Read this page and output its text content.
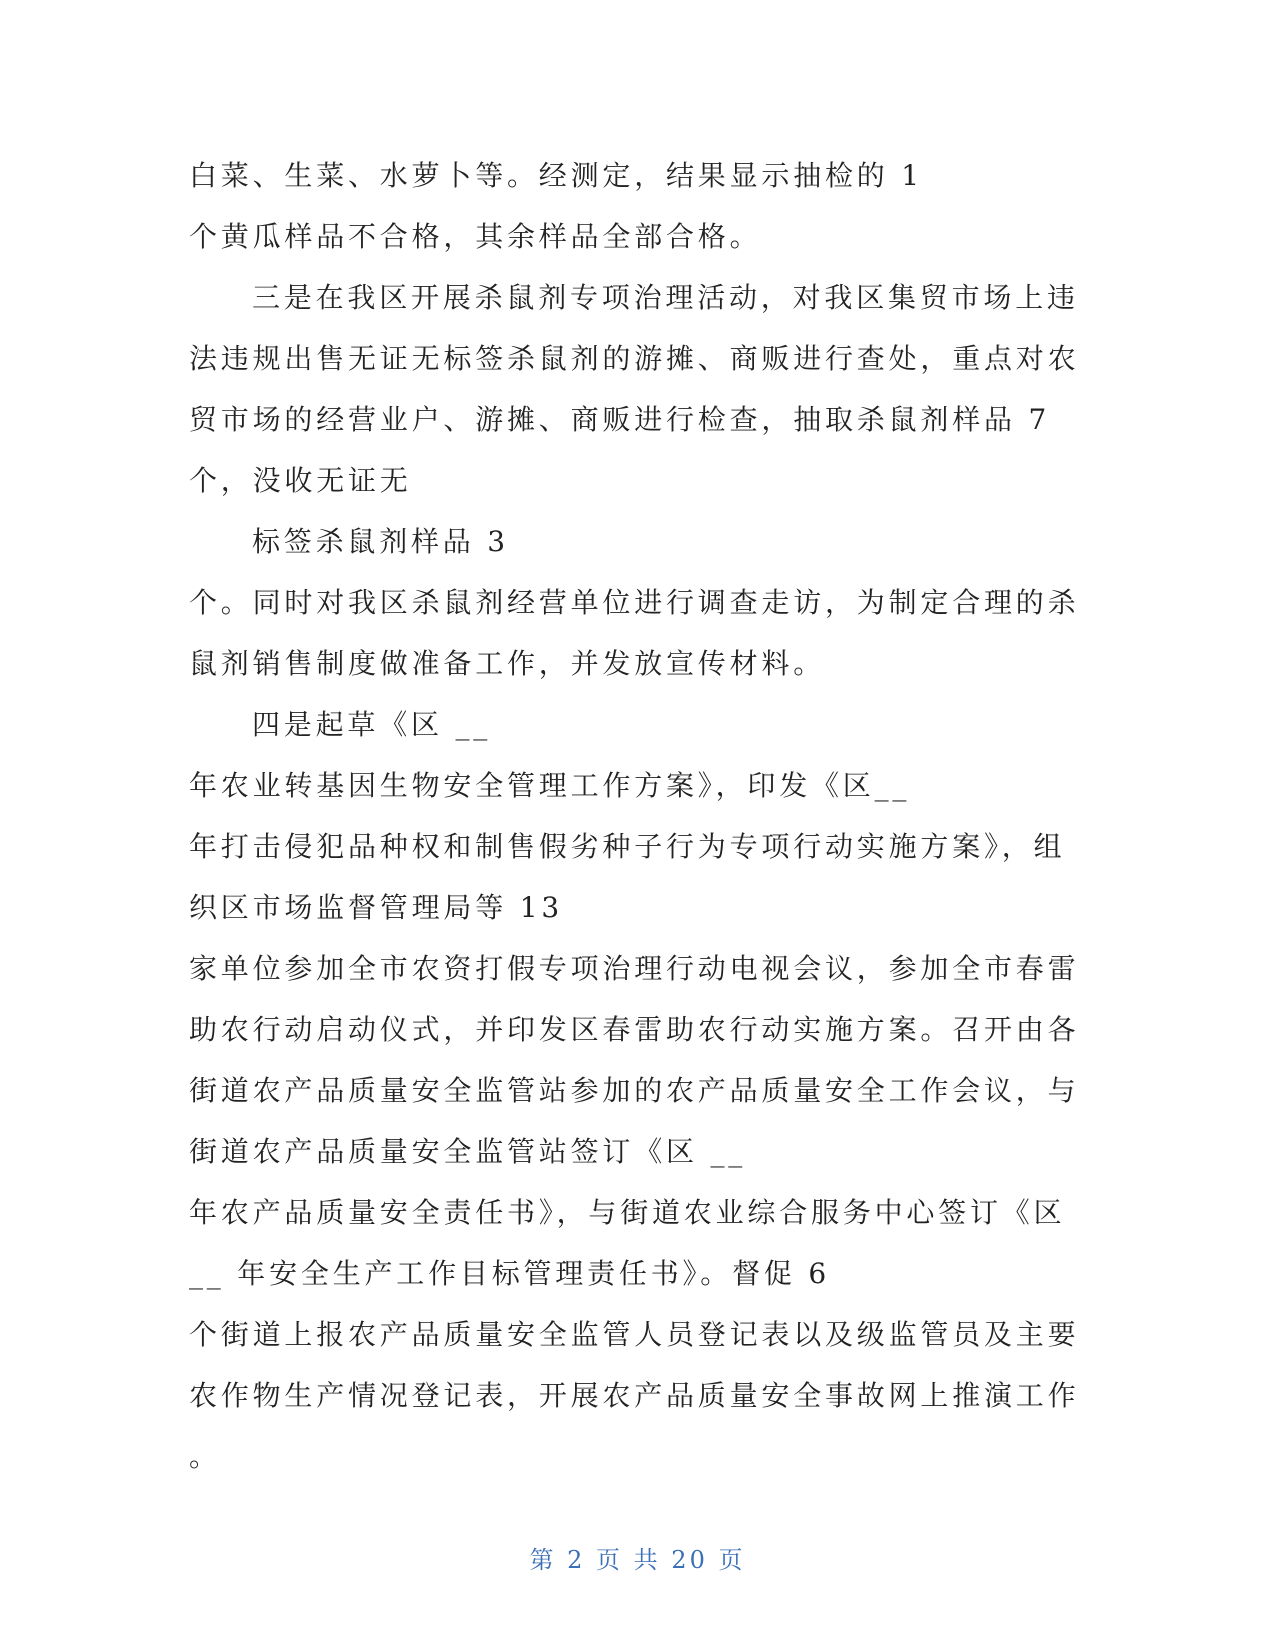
白菜、生菜、水萝卜等。经测定，结果显示抽检的 1
个黄瓜样品不合格，其余样品全部合格。
三是在我区开展杀鼠剂专项治理活动，对我区集贸市场上违
法违规出售无证无标签杀鼠剂的游摊、商贩进行查处，重点对农
贸市场的经营业户、游摊、商贩进行检查，抽取杀鼠剂样品 7
个，没收无证无
标签杀鼠剂样品 3
个。同时对我区杀鼠剂经营单位进行调查走访，为制定合理的杀
鼠剂销售制度做准备工作，并发放宣传材料。
四是起草《区 __
年农业转基因生物安全管理工作方案》，印发《区__
年打击侵犯品种权和制售假劣种子行为专项行动实施方案》，组
织区市场监督管理局等 13
家单位参加全市农资打假专项治理行动电视会议，参加全市春雷
助农行动启动仪式，并印发区春雷助农行动实施方案。召开由各
街道农产品质量安全监管站参加的农产品质量安全工作会议，与
街道农产品质量安全监管站签订《区 __
年农产品质量安全责任书》，与街道农业综合服务中心签订《区
__ 年安全生产工作目标管理责任书》。督促 6
个街道上报农产品质量安全监管人员登记表以及级监管员及主要
农作物生产情况登记表，开展农产品质量安全事故网上推演工作
。
第 2 页 共 20 页
